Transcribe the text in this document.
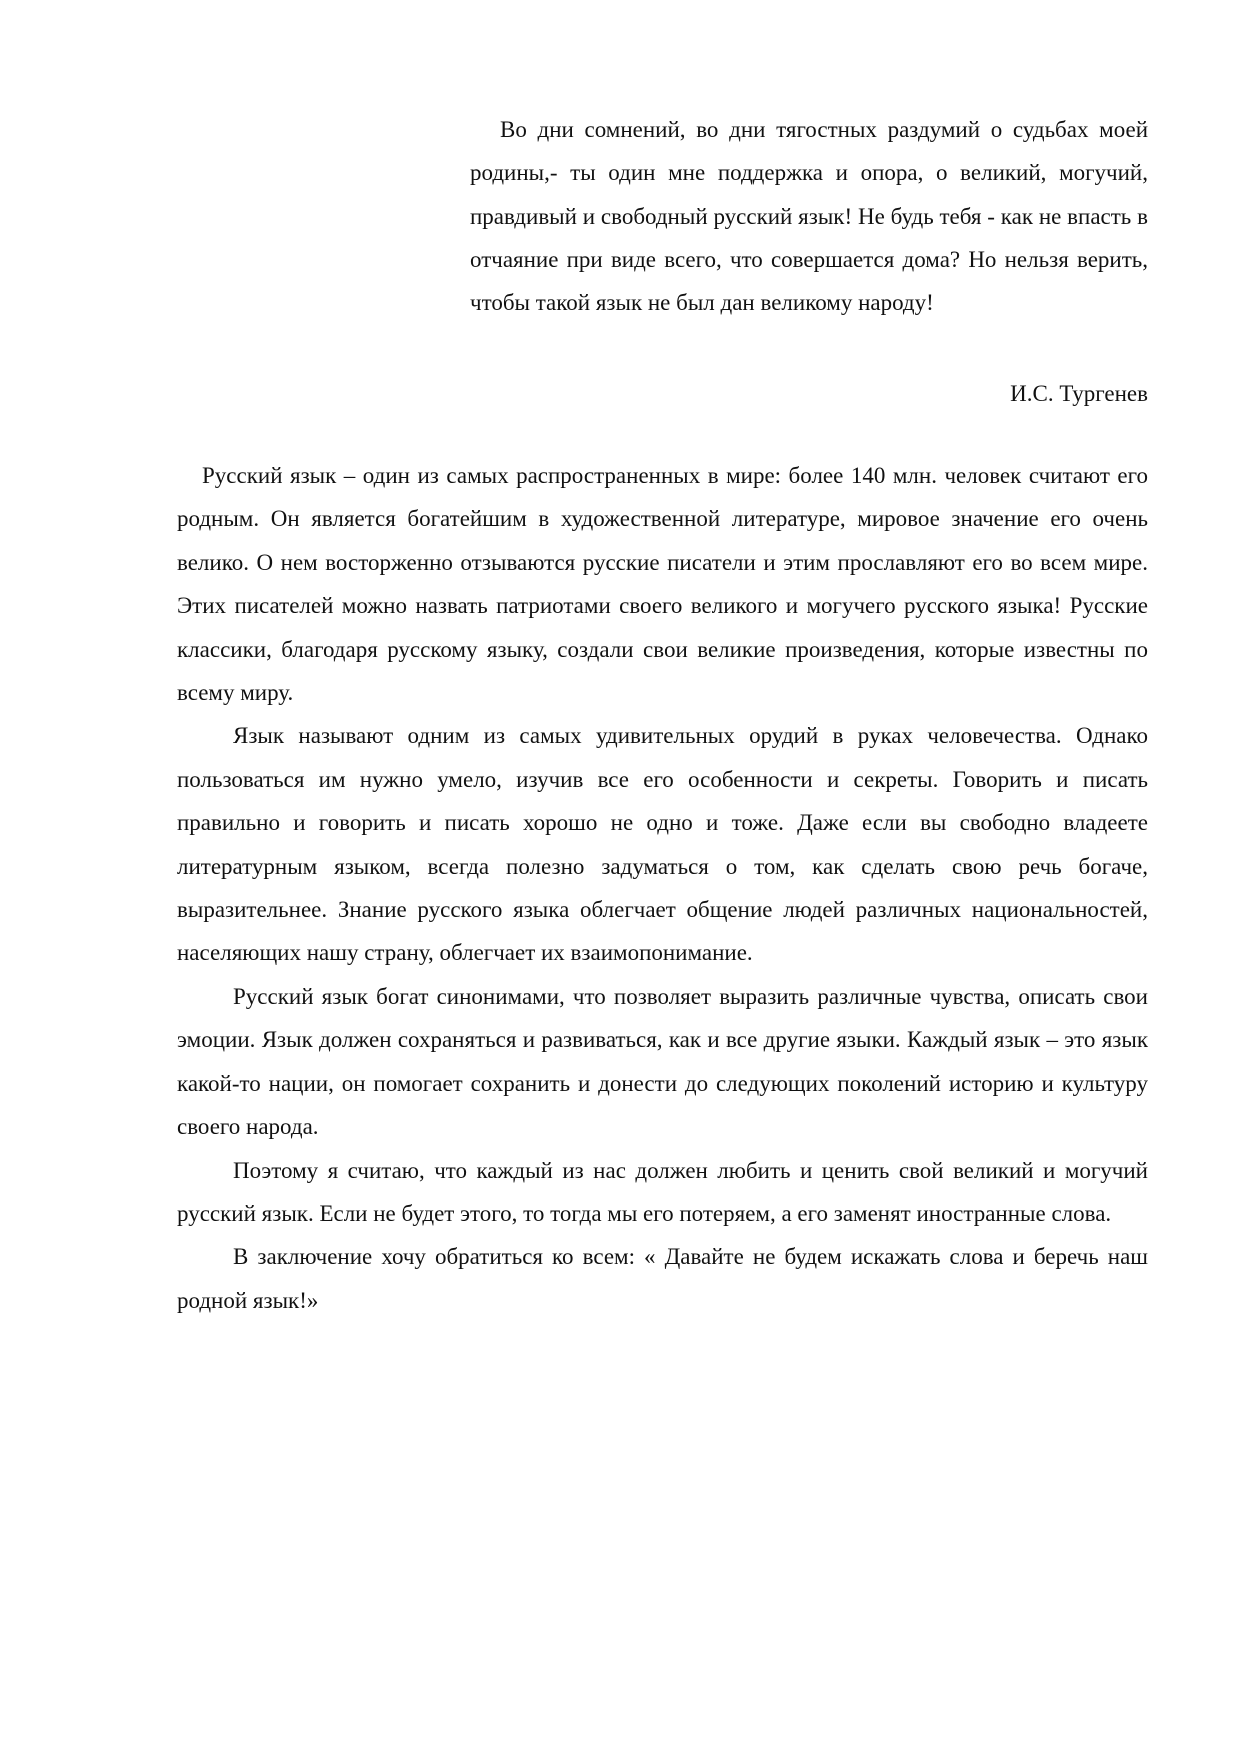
Во дни сомнений, во дни тягостных раздумий о судьбах моей родины,- ты один мне поддержка и опора, о великий, могучий, правдивый и свободный русский язык! Не будь тебя - как не впасть в отчаяние при виде всего, что совершается дома? Но нельзя верить, чтобы такой язык не был дан великому народу!

И.С. Тургенев

Русский язык – один из самых распространенных в мире: более 140 млн. человек считают его родным. Он является богатейшим в художественной литературе, мировое значение его очень велико. О нем восторженно отзываются русские писатели и этим прославляют его во всем мире. Этих писателей можно назвать патриотами своего великого и могучего русского языка! Русские классики, благодаря русскому языку, создали свои великие произведения, которые известны по всему миру.

Язык называют одним из самых удивительных орудий в руках человечества. Однако пользоваться им нужно умело, изучив все его особенности и секреты. Говорить и писать правильно и говорить и писать хорошо не одно и тоже. Даже если вы свободно владеете литературным языком, всегда полезно задуматься о том, как сделать свою речь богаче, выразительнее. Знание русского языка облегчает общение людей различных национальностей, населяющих нашу страну, облегчает их взаимопонимание.

Русский язык богат синонимами, что позволяет выразить различные чувства, описать свои эмоции. Язык должен сохраняться и развиваться, как и все другие языки. Каждый язык – это язык какой-то нации, он помогает сохранить и донести до следующих поколений историю и культуру своего народа.

Поэтому я считаю, что каждый из нас должен любить и ценить свой великий и могучий русский язык. Если не будет этого, то тогда мы его потеряем, а его заменят иностранные слова.

В заключение хочу обратиться ко всем: « Давайте не будем искажать слова и беречь наш родной язык!»
